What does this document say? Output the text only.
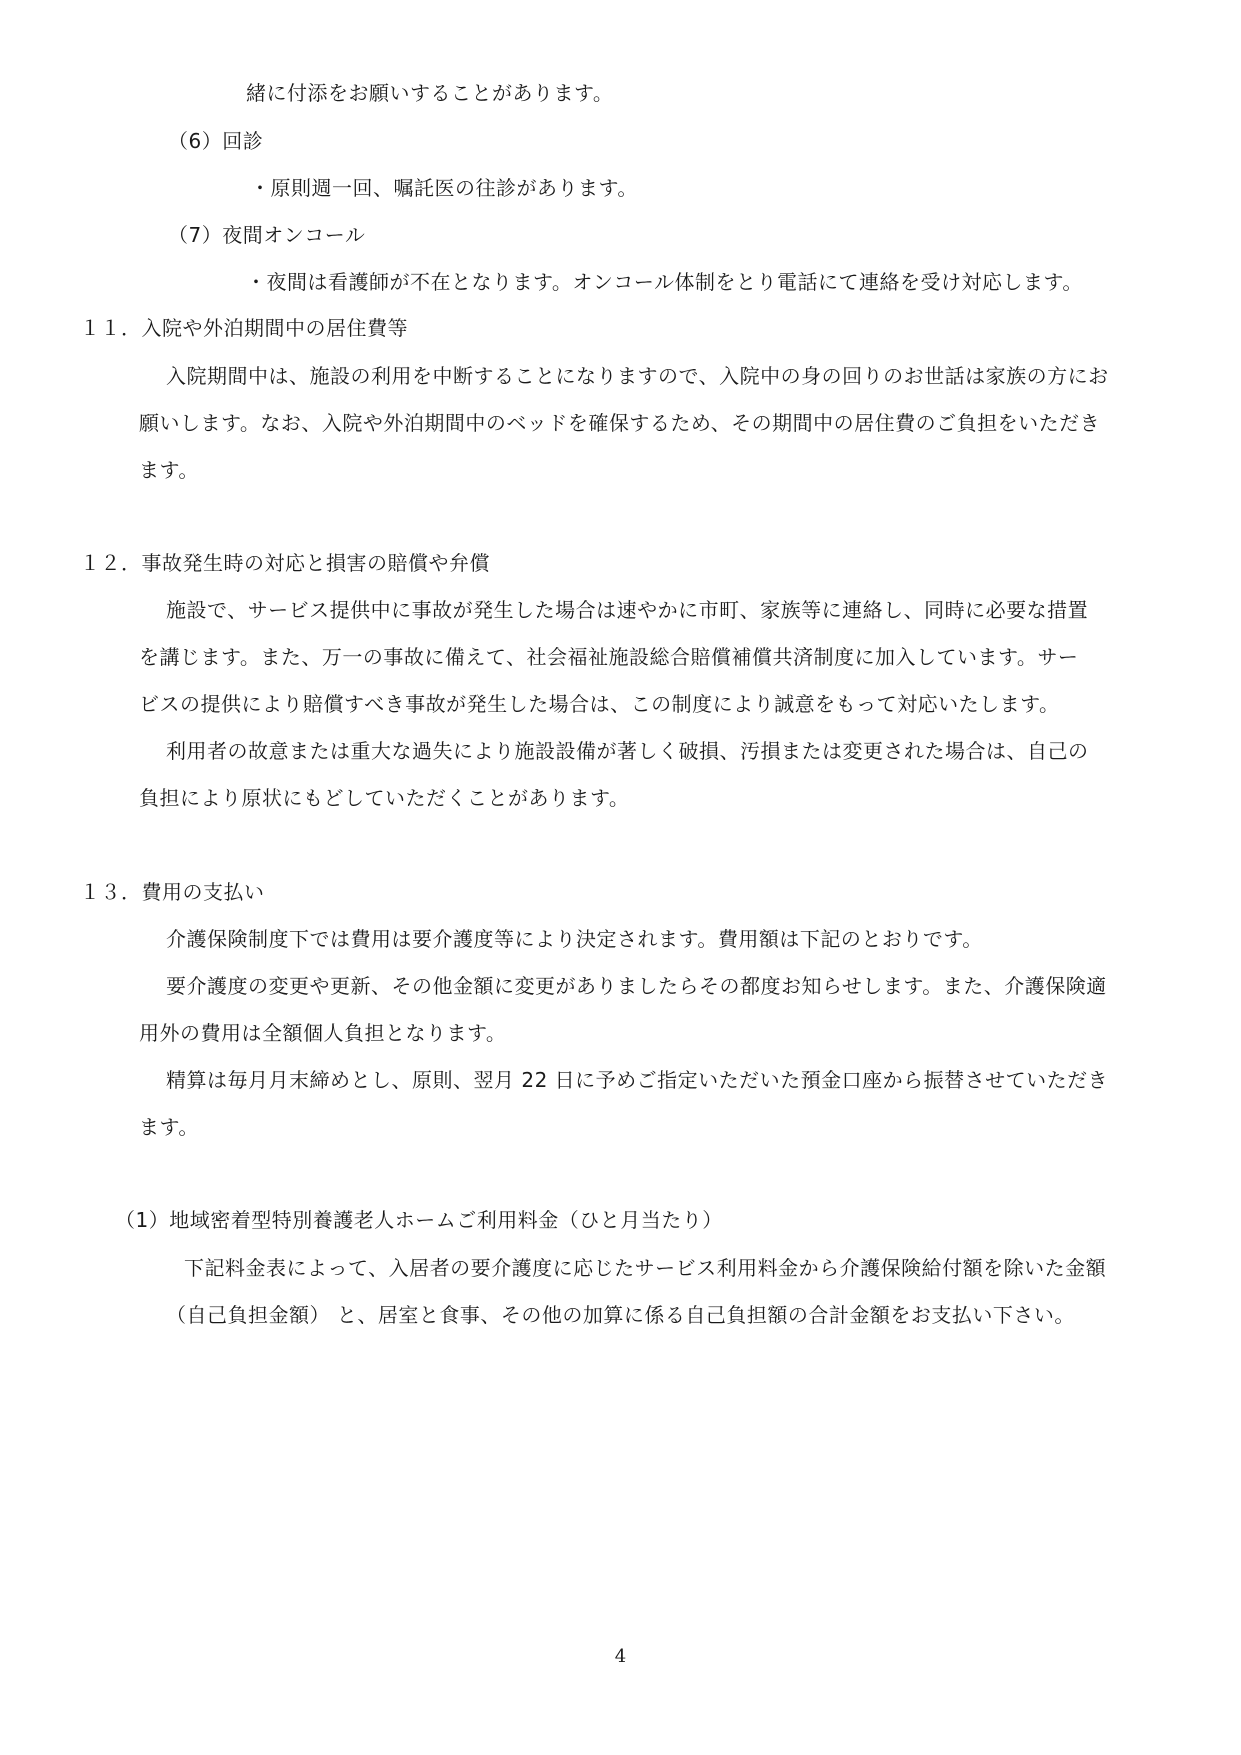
緒に付添をお願いすることがあります。
（6）回診
・原則週一回、嘱託医の往診があります。
（7）夜間オンコール
・夜間は看護師が不在となります。オンコール体制をとり電話にて連絡を受け対応します。
１１．入院や外泊期間中の居住費等
入院期間中は、施設の利用を中断することになりますので、入院中の身の回りのお世話は家族の方にお
願いします。なお、入院や外泊期間中のベッドを確保するため、その期間中の居住費のご負担をいただき
ます。
１２．事故発生時の対応と損害の賠償や弁償
施設で、サービス提供中に事故が発生した場合は速やかに市町、家族等に連絡し、同時に必要な措置
を講じます。また、万一の事故に備えて、社会福祉施設総合賠償補償共済制度に加入しています。サー
ビスの提供により賠償すべき事故が発生した場合は、この制度により誠意をもって対応いたします。
利用者の故意または重大な過失により施設設備が著しく破損、汚損または変更された場合は、自己の
負担により原状にもどしていただくことがあります。
１３．費用の支払い
介護保険制度下では費用は要介護度等により決定されます。費用額は下記のとおりです。
要介護度の変更や更新、その他金額に変更がありましたらその都度お知らせします。また、介護保険適
用外の費用は全額個人負担となります。
精算は毎月月末締めとし、原則、翌月 22 日に予めご指定いただいた預金口座から振替させていただき
ます。
（1）地域密着型特別養護老人ホームご利用料金（ひと月当たり）
下記料金表によって、入居者の要介護度に応じたサービス利用料金から介護保険給付額を除いた金額
（自己負担金額） と、居室と食事、その他の加算に係る自己負担額の合計金額をお支払い下さい。
4
